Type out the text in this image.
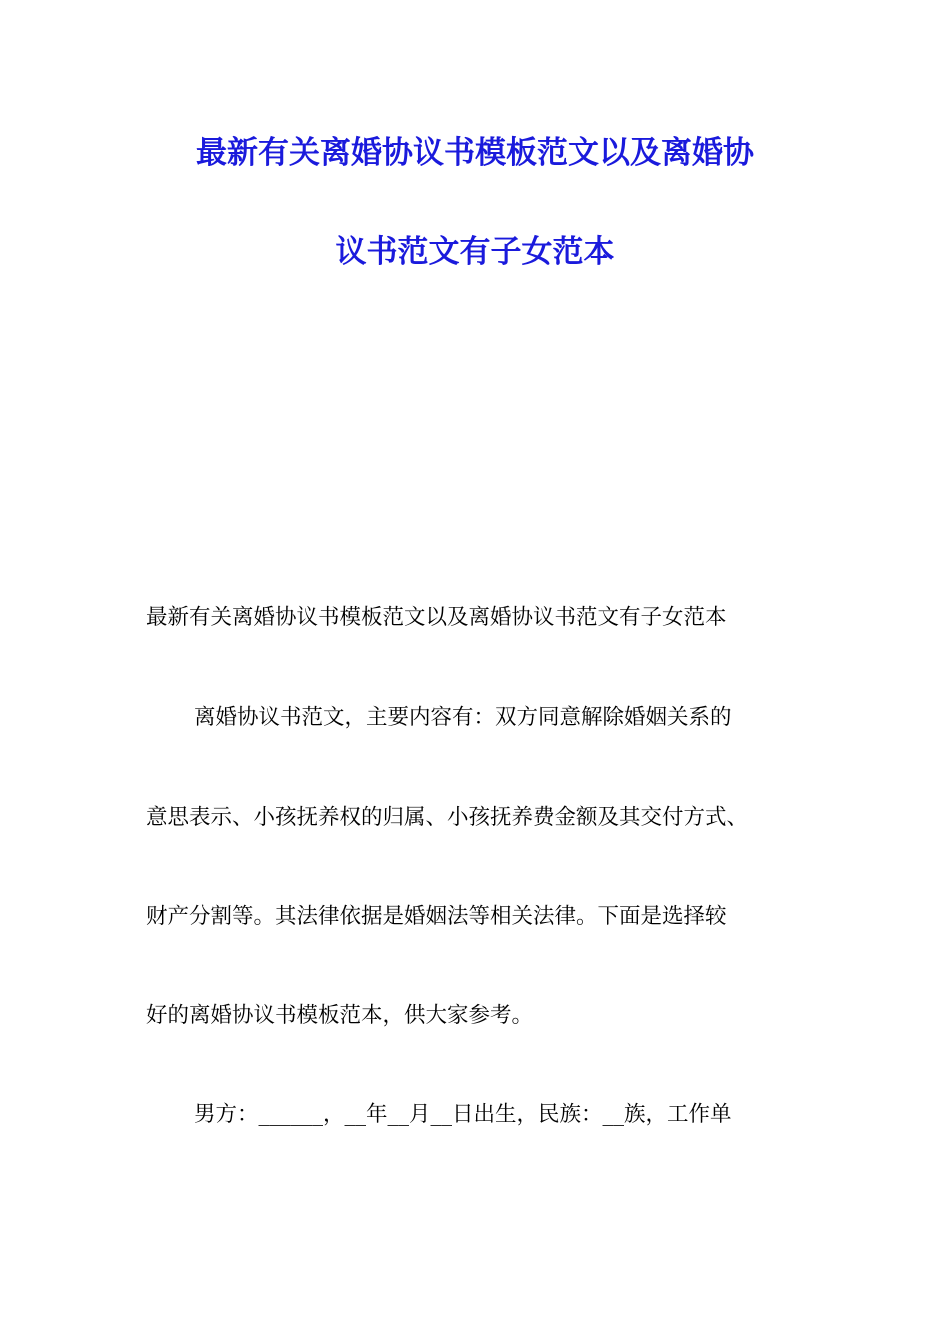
最新有关离婚协议书模板范文以及离婚协
议书范文有子女范本
最新有关离婚协议书模板范文以及离婚协议书范文有子女范本
离婚协议书范文，主要内容有：双方同意解除婚姻关系的
意思表示、小孩抚养权的归属、小孩抚养费金额及其交付方式、
财产分割等。其法律依据是婚姻法等相关法律。下面是选择较
好的离婚协议书模板范本，供大家参考。
男方：______，__年__月__日出生，民族：__族，工作单
